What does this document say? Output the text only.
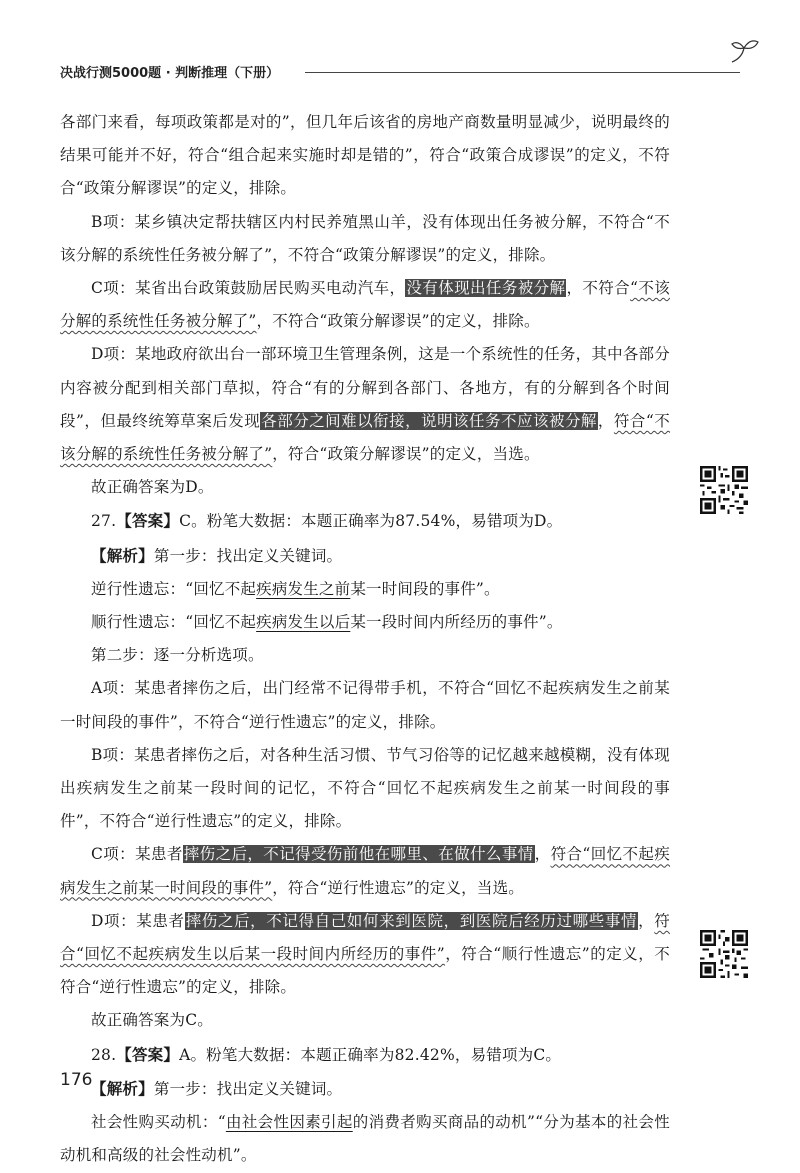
决战行测5000题 · 判断推理（下册）

各部门来看，每项政策都是对的”，但几年后该省的房地产商数量明显减少，说明最终的结果可能并不好，符合“组合起来实施时却是错的”，符合“政策合成谬误”的定义，不符合“政策分解谬误”的定义，排除。

B项：某乡镇决定帮扶辖区内村民养殖黑山羊，没有体现出任务被分解，不符合“不该分解的系统性任务被分解了”，不符合“政策分解谬误”的定义，排除。

C项：某省出台政策鼓励居民购买电动汽车，没有体现出任务被分解，不符合“不该分解的系统性任务被分解了”，不符合“政策分解谬误”的定义，排除。

D项：某地政府欲出台一部环境卫生管理条例，这是一个系统性的任务，其中各部分内容被分配到相关部门草拟，符合“有的分解到各部门、各地方，有的分解到各个时间段”，但最终统筹草案后发现各部分之间难以衔接，说明该任务不应该被分解，符合“不该分解的系统性任务被分解了”，符合“政策分解谬误”的定义，当选。

故正确答案为D。

27.【答案】C。粉笔大数据：本题正确率为87.54%，易错项为D。

【解析】第一步：找出定义关键词。

逆行性遗忘：“回忆不起疾病发生之前某一时间段的事件”。

顺行性遗忘：“回忆不起疾病发生以后某一段时间内所经历的事件”。

第二步：逐一分析选项。

A项：某患者摔伤之后，出门经常不记得带手机，不符合“回忆不起疾病发生之前某一时间段的事件”，不符合“逆行性遗忘”的定义，排除。

B项：某患者摔伤之后，对各种生活习惯、节气习俗等的记忆越来越模糊，没有体现出疾病发生之前某一段时间的记忆，不符合“回忆不起疾病发生之前某一时间段的事件”，不符合“逆行性遗忘”的定义，排除。

C项：某患者摔伤之后，不记得受伤前他在哪里、在做什么事情，符合“回忆不起疾病发生之前某一时间段的事件”，符合“逆行性遗忘”的定义，当选。

D项：某患者摔伤之后，不记得自己如何来到医院，到医院后经历过哪些事情，符合“回忆不起疾病发生以后某一段时间内所经历的事件”，符合“顺行性遗忘”的定义，不符合“逆行性遗忘”的定义，排除。

故正确答案为C。

28.【答案】A。粉笔大数据：本题正确率为82.42%，易错项为C。

【解析】第一步：找出定义关键词。

社会性购买动机：“由社会性因素引起的消费者购买商品的动机”“分为基本的社会性动机和高级的社会性动机”。

176
